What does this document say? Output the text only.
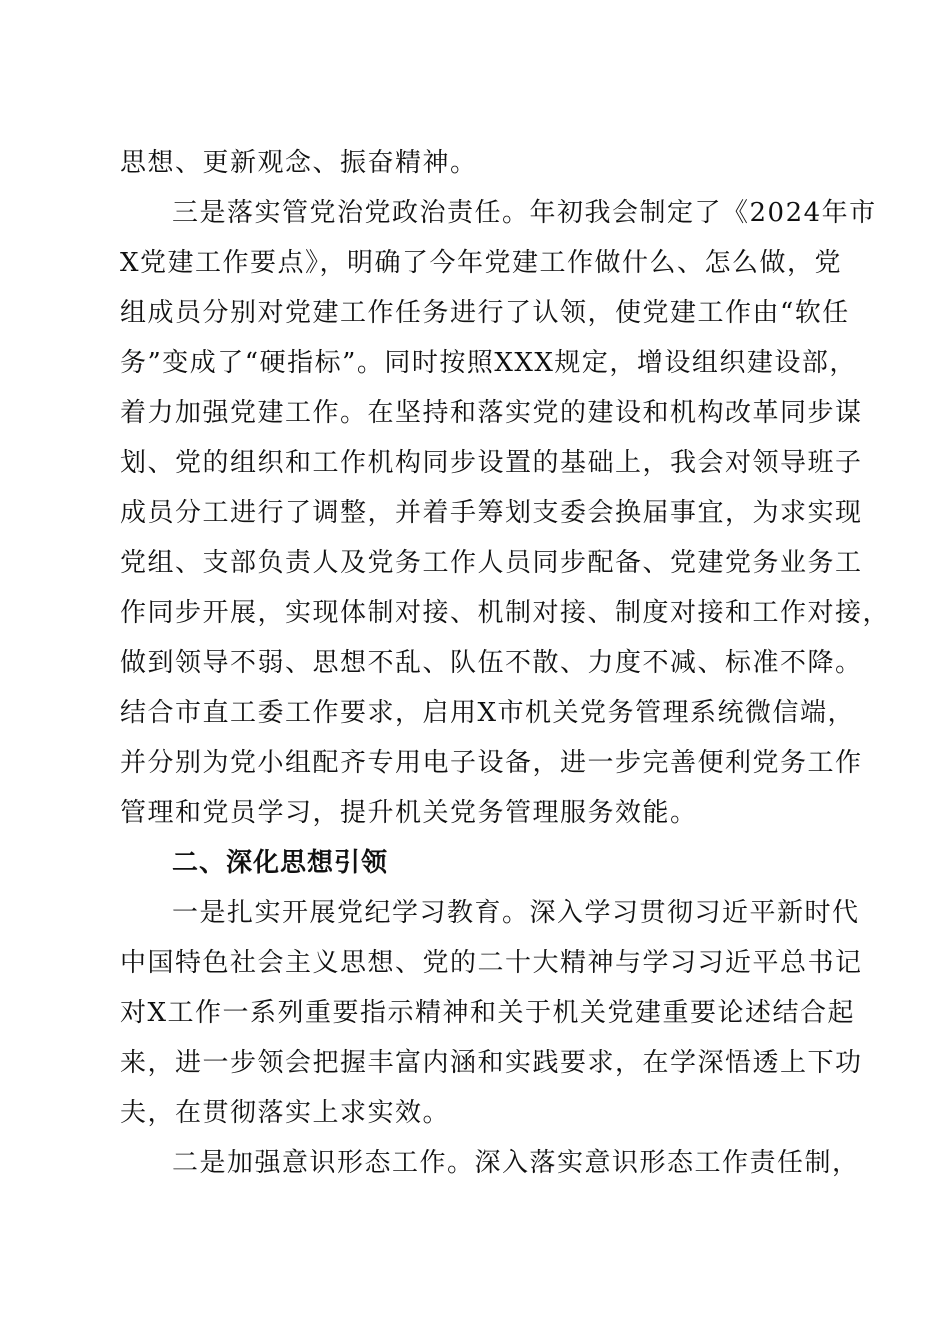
思想、更新观念、振奋精神。
三是落实管党治党政治责任。年初我会制定了《2024年市
X党建工作要点》，明确了今年党建工作做什么、怎么做，党
组成员分别对党建工作任务进行了认领，使党建工作由“软任
务”变成了“硬指标”。同时按照XXX规定，增设组织建设部，
着力加强党建工作。在坚持和落实党的建设和机构改革同步谋
划、党的组织和工作机构同步设置的基础上，我会对领导班子
成员分工进行了调整，并着手筹划支委会换届事宜，为求实现
党组、支部负责人及党务工作人员同步配备、党建党务业务工
作同步开展，实现体制对接、机制对接、制度对接和工作对接，
做到领导不弱、思想不乱、队伍不散、力度不减、标准不降。
结合市直工委工作要求，启用X市机关党务管理系统微信端，
并分别为党小组配齐专用电子设备，进一步完善便利党务工作
管理和党员学习，提升机关党务管理服务效能。
二、深化思想引领
一是扎实开展党纪学习教育。深入学习贯彻习近平新时代
中国特色社会主义思想、党的二十大精神与学习习近平总书记
对X工作一系列重要指示精神和关于机关党建重要论述结合起
来，进一步领会把握丰富内涵和实践要求，在学深悟透上下功
夫，在贯彻落实上求实效。
二是加强意识形态工作。深入落实意识形态工作责任制，
